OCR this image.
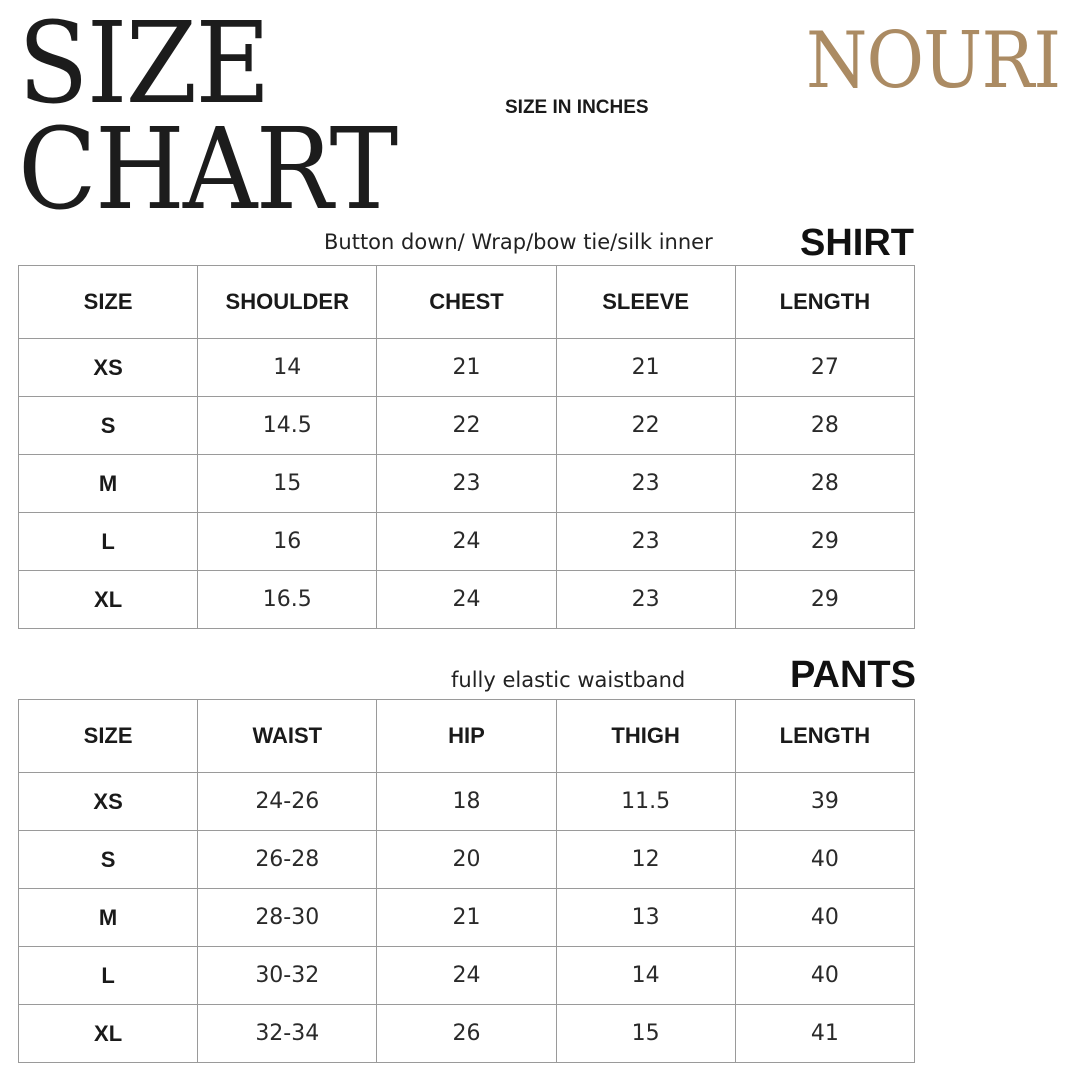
SIZE
CHART
NOURI
SIZE IN INCHES
Button down/ Wrap/bow tie/silk inner SHIRT
SIZE	SHOULDER	CHEST	SLEEVE	LENGTH
XS	14	21	21	27
S	14.5	22	22	28
M	15	23	23	28
L	16	24	23	29
XL	16.5	24	23	29
fully elastic waistband	PANTS
SIZE	WAIST	HIP	THIGH	LENGTH
XS	24-26	18	11.5	39
S	26-28	20	12	40
M	28-30	21	13	40
L	30-32	24	14	40
XL	32-34	26	15	41
